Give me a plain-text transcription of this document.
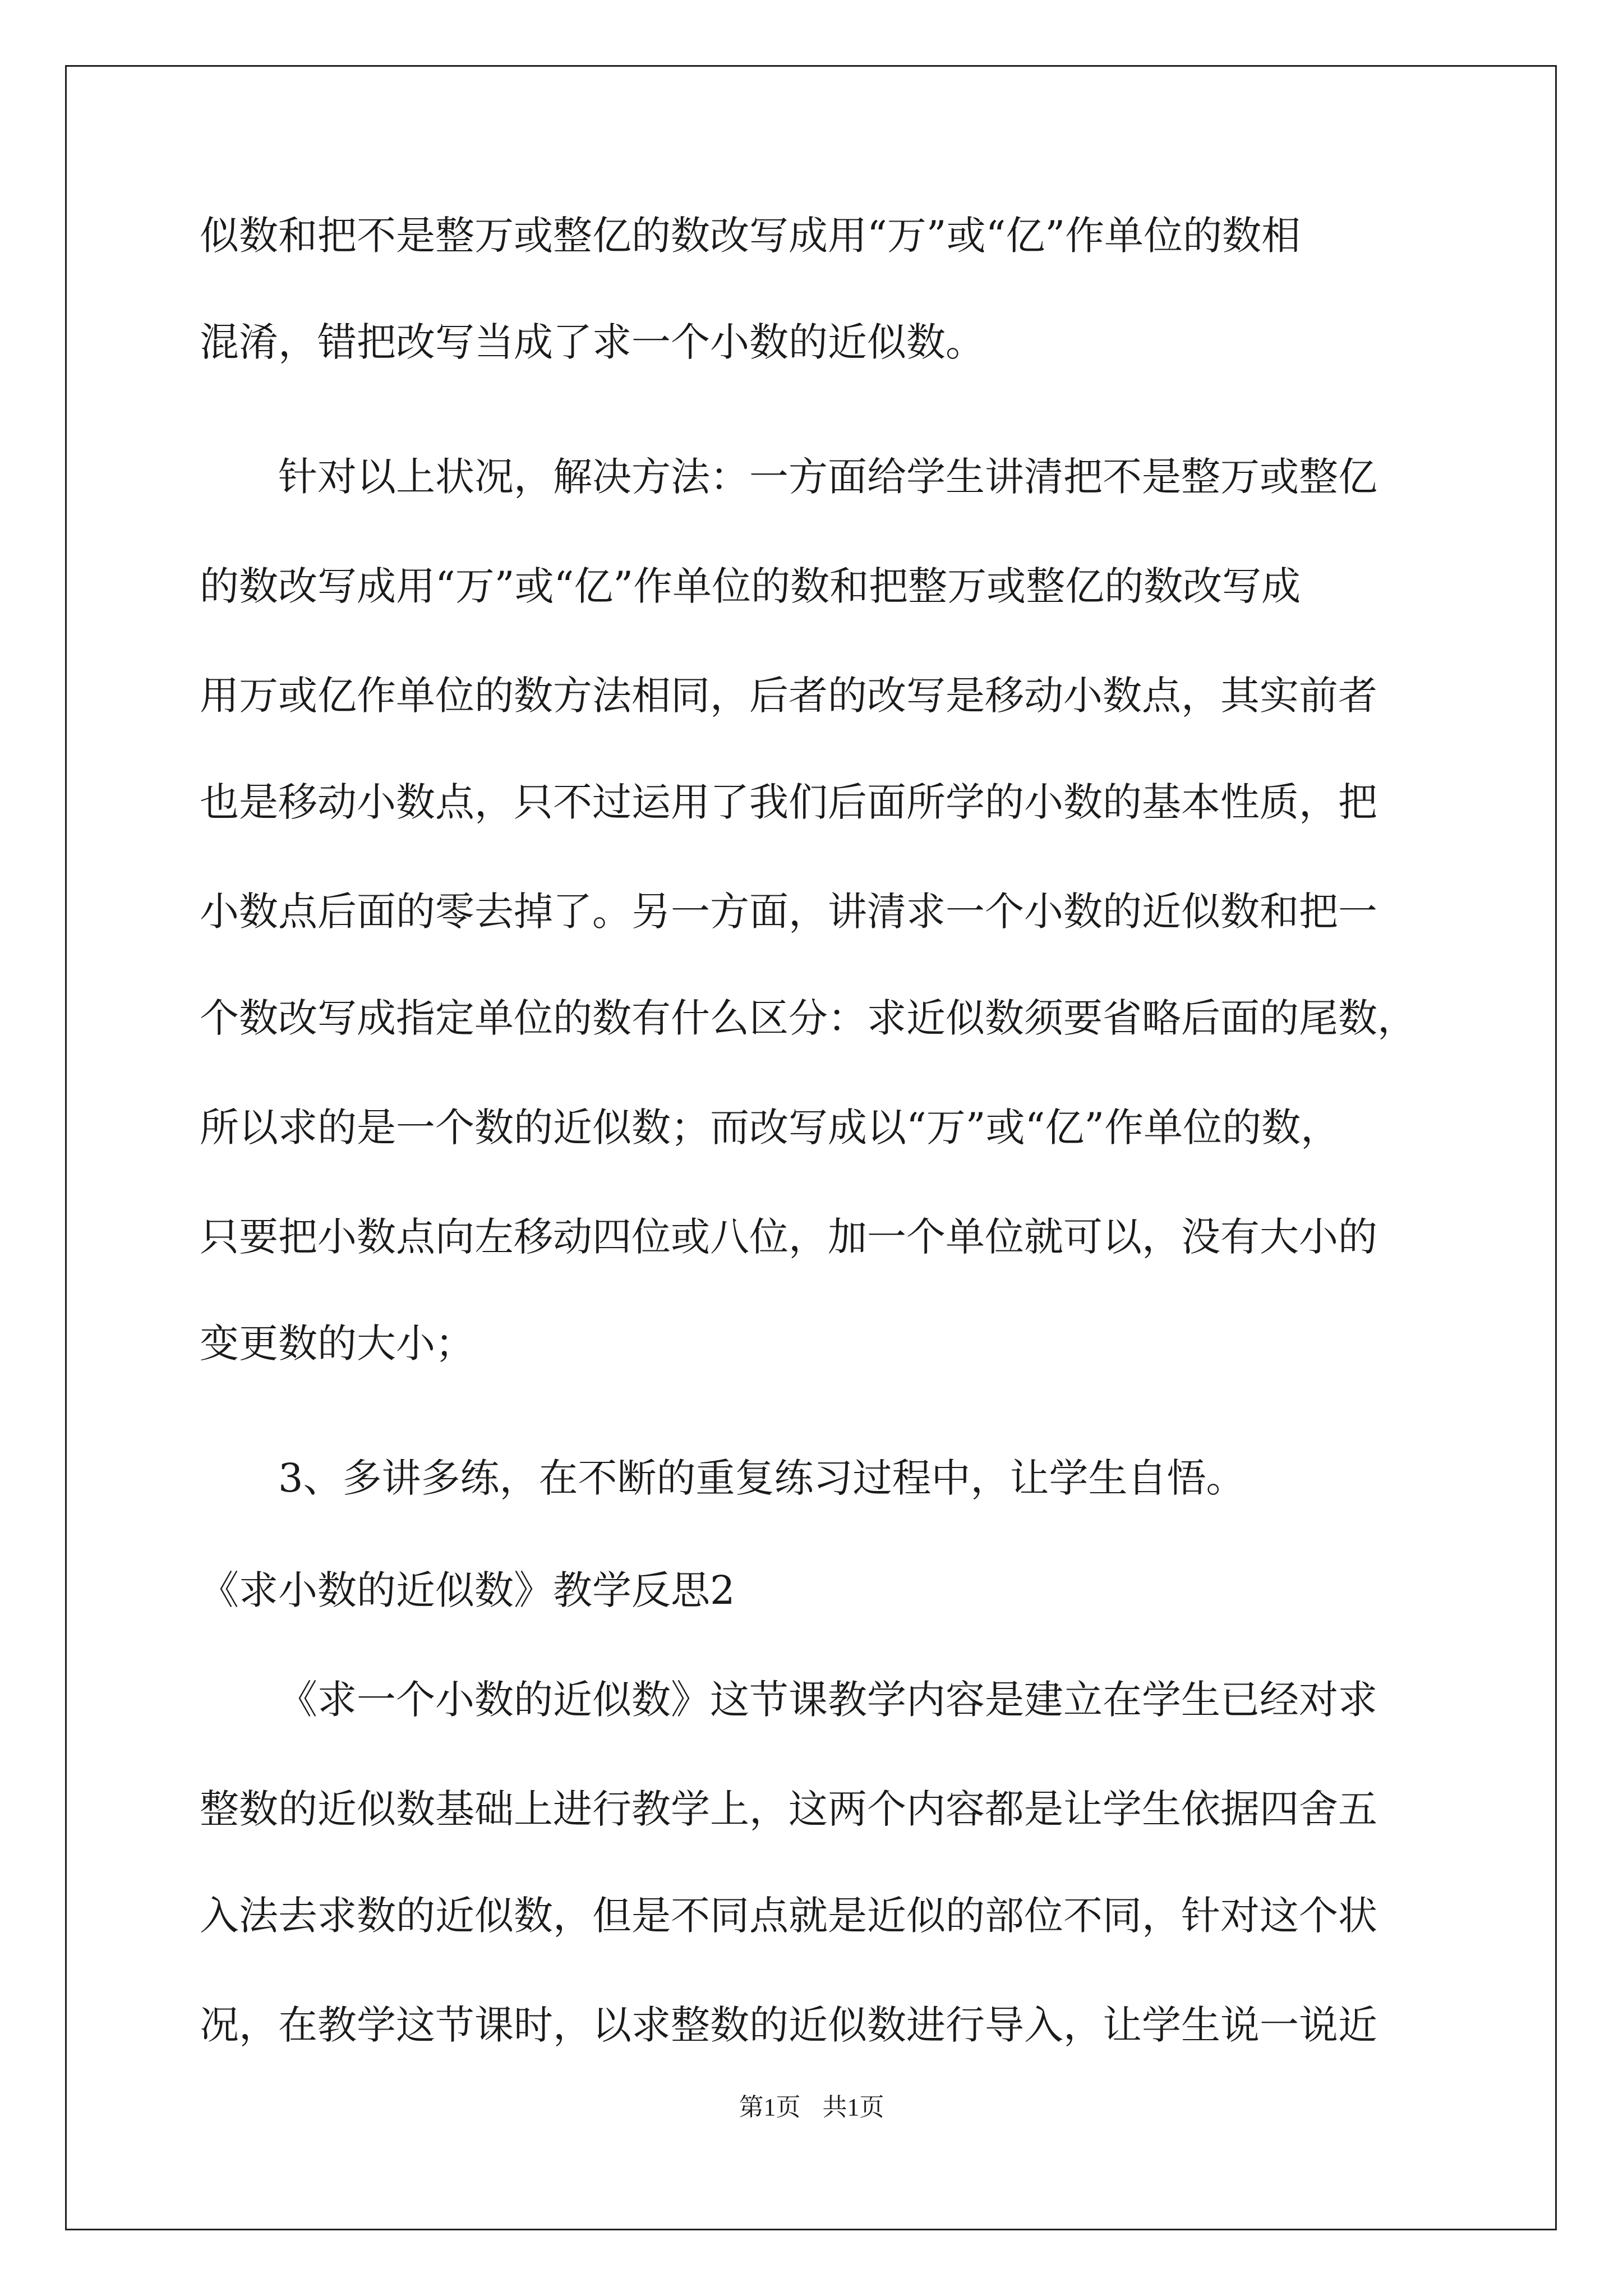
似数和把不是整万或整亿的数改写成用“万”或“亿”作单位的数相
混淆，错把改写当成了求一个小数的近似数。
针对以上状况，解决方法：一方面给学生讲清把不是整万或整亿
的数改写成用“万”或“亿”作单位的数和把整万或整亿的数改写成
用万或亿作单位的数方法相同，后者的改写是移动小数点，其实前者
也是移动小数点，只不过运用了我们后面所学的小数的基本性质，把
小数点后面的零去掉了。另一方面，讲清求一个小数的近似数和把一
个数改写成指定单位的数有什么区分：求近似数须要省略后面的尾数，
所以求的是一个数的近似数；而改写成以“万”或“亿”作单位的数，
只要把小数点向左移动四位或八位，加一个单位就可以，没有大小的
变更数的大小；
3、多讲多练，在不断的重复练习过程中，让学生自悟。
《求小数的近似数》教学反思2
《求一个小数的近似数》这节课教学内容是建立在学生已经对求
整数的近似数基础上进行教学上，这两个内容都是让学生依据四舍五
入法去求数的近似数，但是不同点就是近似的部位不同，针对这个状
况，在教学这节课时，以求整数的近似数进行导入，让学生说一说近
第1页 共1页
